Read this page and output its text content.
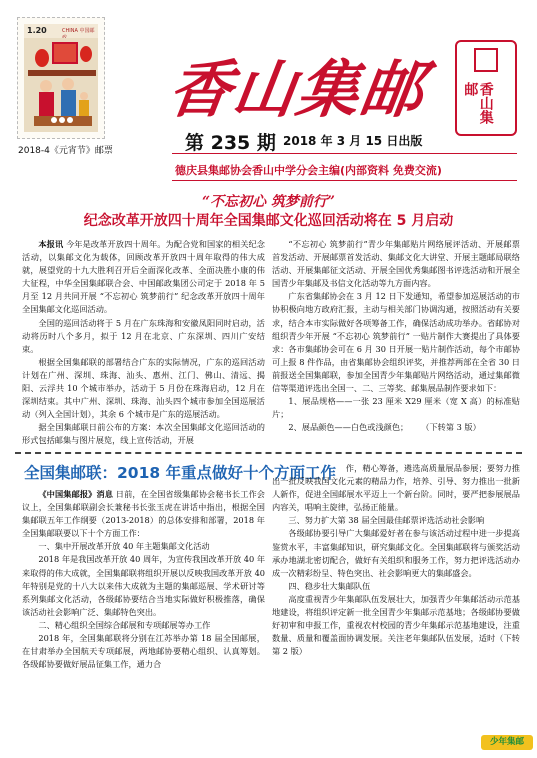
1.20	CHINA 中国邮
2018-4《元宵节》邮票
香山集邮	香山集邮
第 235 期 2018 年 3 月 15 日出版
德庆县集邮协会香山中学分会主编(内部资料 免费交流)
“不忘初心 筑梦前行”
纪念改革开放四十周年全国集邮文化巡回活动将在 5 月启动

本报讯 今年是改革开放四十周年。为配合党和国家的相关纪念活动，以集邮文化为载体，回顾改革开放四十周年取得的伟大成就，展望党的十九大胜利召开后全面深化改革、全面决胜小康的伟大征程，中华全国集邮联合会、中国邮政集团公司定于 2018 年 5 月至 12 月共同开展 “不忘初心 筑梦前行” 纪念改革开放四十周年全国集邮文化巡回活动。

全国的巡回活动将于 5 月在广东珠海和安徽凤阳同时启动，活动将历时八个多月，拟于 12 月在北京、广东深圳、四川广安结束。

根据全国集邮联的部署结合广东的实际情况，广东的巡回活动计划在广州、深圳、珠海、汕头、惠州、江门、佛山、清远、揭阳、云浮共 10 个城市举办，活动于 5 月份在珠海启动，12 月在深圳结束。其中广州、深圳、珠海、汕头四个城市参加全国巡展活动（列入全国计划），其余 6 个城市是广东的巡展活动。

据全国集邮联日前公布的方案：本次全国集邮文化巡回活动的形式包括邮集与图片展览，线上宣传活动，开展

“不忘初心 筑梦前行”青少年集邮贴片网络展评活动、开展邮票首发活动、开展邮票首发活动、集邮文化大讲堂、开展主题邮局联络活动、开展集邮征文活动、开展全国优秀集邮图书评选活动和开展全国青少年集邮及书信文化活动等九方面内容。

广东省集邮协会在 3 月 12 日下发通知，希望参加巡展活动的市协积极向地方政府汇报，主动与相关部门协调沟通，按照活动有关要求，结合本市实际做好各项筹备工作，确保活动成功举办。省邮协对组织青少年开展 “不忘初心 筑梦前行” 一贴片制作大赛提出了具体要求：各市集邮协会可在 6 月 30 日开展一贴片制作活动，每个市邮协可上报 8 件作品，由省集邮协会组织评奖，并推荐两部在全省 30 日前报送全国集邮联，参加全国青少年集邮贴片网络活动，通过集邮微信等渠道评选出全国一、二、三等奖、邮集展品制作要求如下：

1、展品规格——一张 23 厘米 X29 厘米（宽 X 高）的标准贴片；

2、展品颜色——白色或浅颜色； （下转第 3 版）

全国集邮联：2018 年重点做好十个方面工作

《中国集邮报》消息 日前，在全国省级集邮协会秘书长工作会议上，全国集邮联副会长兼秘书长张玉虎在讲话中指出，根据全国集邮联五年工作纲要（2013-2018）的总体安排和部署，2018 年全国集邮联要以下十个方面工作：

一、集中开展改革开放 40 年主题集邮文化活动

2018 年是我国改革开放 40 周年，为宣传我国改革开放 40 年来取得的伟大成就，全国集邮联将组织开展以反映我国改革开放 40 年特别是党的十八大以来伟大成就为主题的集邮巡展、学术研讨等系列集邮文化活动，各级邮协要结合当地实际做好积极推落，确保该活动社会影响广泛、集邮特色突出。

二、精心组织全国综合邮展和专项邮展等办工作

2018 年，全国集邮联将分别在江苏举办第 18 届全国邮展，在甘肃举办全国航天专项邮展，两地邮协要精心组织、认真筹划。各级邮协要做好展品征集工作，通力合

作，精心筹备，遴选高质量展品参展；要努力推出一批反映我国文化元素的精品力作，培养、引导、努力推出一批新人新作，促进全国邮展水平迈上一个新台阶。同时，要严把参展展品内容关，唱响主旋律，弘扬正能量。

三、努力扩大第 38 届全国最佳邮票评选活动社会影响

各级邮协要引导广大集邮爱好者在参与该活动过程中进一步提高鉴赏水平，丰富集邮知识，研究集邮文化。全国集邮联将与颁奖活动承办地湖北密切配合，做好有关组织和服务工作，努力把评选活动办成一次精彩纷呈、特色突出、社会影响更大的集邮盛会。

四、稳步壮大集邮队伍

高度重视青少年集邮队伍发展壮大，加强青少年集邮活动示范基地建设，将组织评定新一批全国青少年集邮示范基地；各级邮协要做好初审和申报工作，重视农村校园的青少年集邮示范基地建设，注重数量、质量和覆盖面协调发展。关注老年集邮队伍发展，适时（下转第 2 版）

少年集邮
